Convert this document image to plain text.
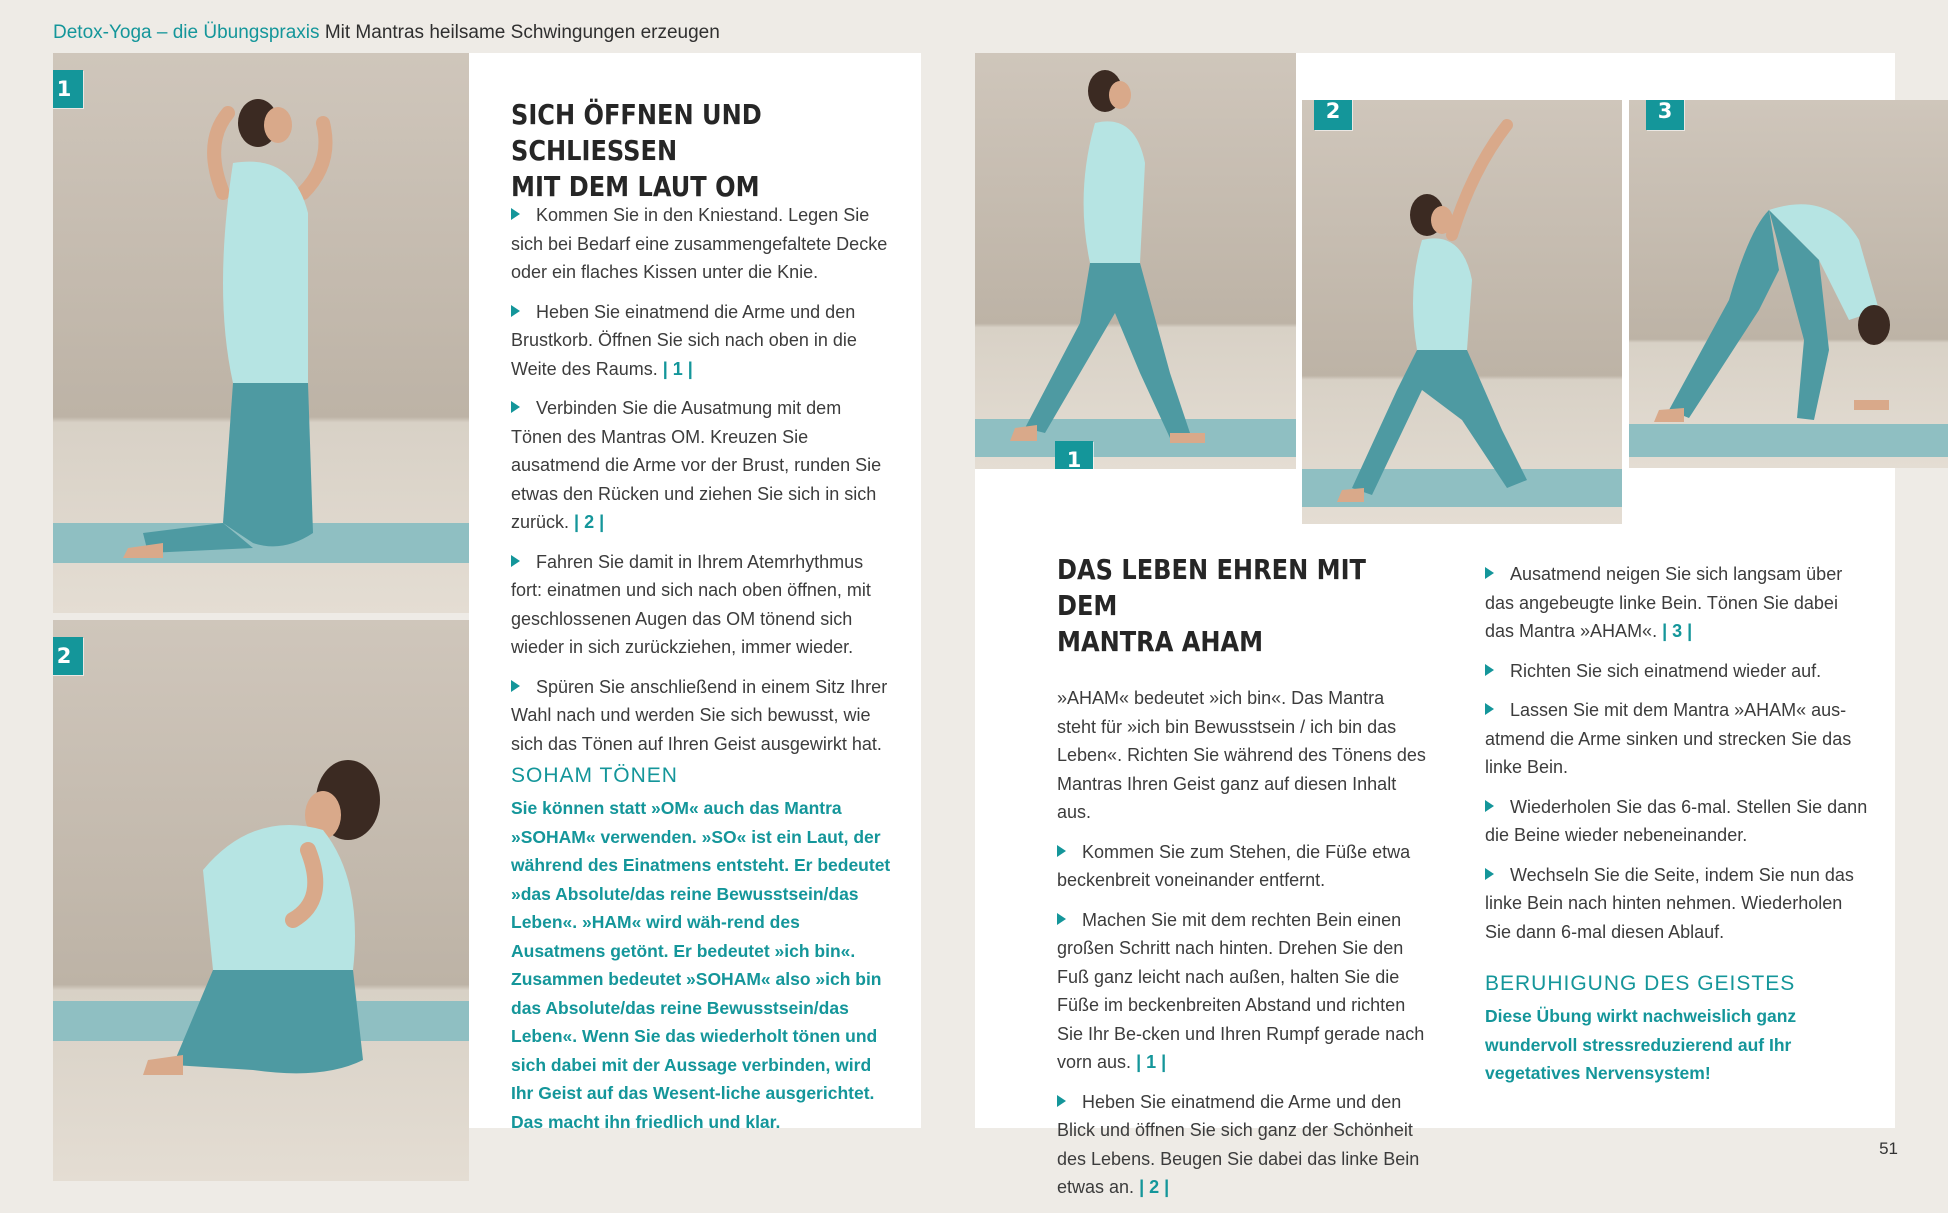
Detox-Yoga – die Übungspraxis Mit Mantras heilsame Schwingungen erzeugen
1
2
SICH ÖFFNEN UND SCHLIESSEN
MIT DEM LAUT OM
Kommen Sie in den Kniestand. Legen Sie sich bei Bedarf eine zusammengefaltete Decke oder ein flaches Kissen unter die Knie.
Heben Sie einatmend die Arme und den Brustkorb. Öffnen Sie sich nach oben in die Weite des Raums. | 1 |
Verbinden Sie die Ausatmung mit dem Tönen des Mantras OM. Kreuzen Sie ausatmend die Arme vor der Brust, runden Sie etwas den Rücken und ziehen Sie sich in sich zurück. | 2 |
Fahren Sie damit in Ihrem Atemrhythmus fort: einatmen und sich nach oben öffnen, mit geschlossenen Augen das OM tönend sich wieder in sich zurückziehen, immer wieder.
Spüren Sie anschließend in einem Sitz Ihrer Wahl nach und werden Sie sich bewusst, wie sich das Tönen auf Ihren Geist ausgewirkt hat.

SOHAM TÖNEN

Sie können statt »OM« auch das Mantra »SOHAM« verwenden. »SO« ist ein Laut, der während des Einatmens entsteht. Er bedeutet »das Absolute/das reine Bewusstsein/das Leben«. »HAM« wird wäh-rend des Ausatmens getönt. Er bedeutet »ich bin«. Zusammen bedeutet »SOHAM« also »ich bin das Absolute/das reine Bewusstsein/das Leben«. Wenn Sie das wiederholt tönen und sich dabei mit der Aussage verbinden, wird Ihr Geist auf das Wesent-liche ausgerichtet. Das macht ihn friedlich und klar.

1
2	3
DAS LEBEN EHREN MIT DEM
MANTRA AHAM

»AHAM« bedeutet »ich bin«. Das Mantra steht für »ich bin Bewusstsein / ich bin das Leben«. Richten Sie während des Tönens des Mantras Ihren Geist ganz auf diesen Inhalt aus.

Kommen Sie zum Stehen, die Füße etwa beckenbreit voneinander entfernt.
Machen Sie mit dem rechten Bein einen großen Schritt nach hinten. Drehen Sie den Fuß ganz leicht nach außen, halten Sie die Füße im beckenbreiten Abstand und richten Sie Ihr Be-cken und Ihren Rumpf gerade nach vorn aus. | 1 |
Heben Sie einatmend die Arme und den Blick und öffnen Sie sich ganz der Schönheit des Lebens. Beugen Sie dabei das linke Bein etwas an. | 2 |
Ausatmend neigen Sie sich langsam über das angebeugte linke Bein. Tönen Sie dabei das Mantra »AHAM«. | 3 |
Richten Sie sich einatmend wieder auf.
Lassen Sie mit dem Mantra »AHAM« aus-atmend die Arme sinken und strecken Sie das linke Bein.
Wiederholen Sie das 6-mal. Stellen Sie dann die Beine wieder nebeneinander.
Wechseln Sie die Seite, indem Sie nun das linke Bein nach hinten nehmen. Wiederholen Sie dann 6-mal diesen Ablauf.

BERUHIGUNG DES GEISTES

Diese Übung wirkt nachweislich ganz wundervoll stressreduzierend auf Ihr vegetatives Nervensystem!

51
